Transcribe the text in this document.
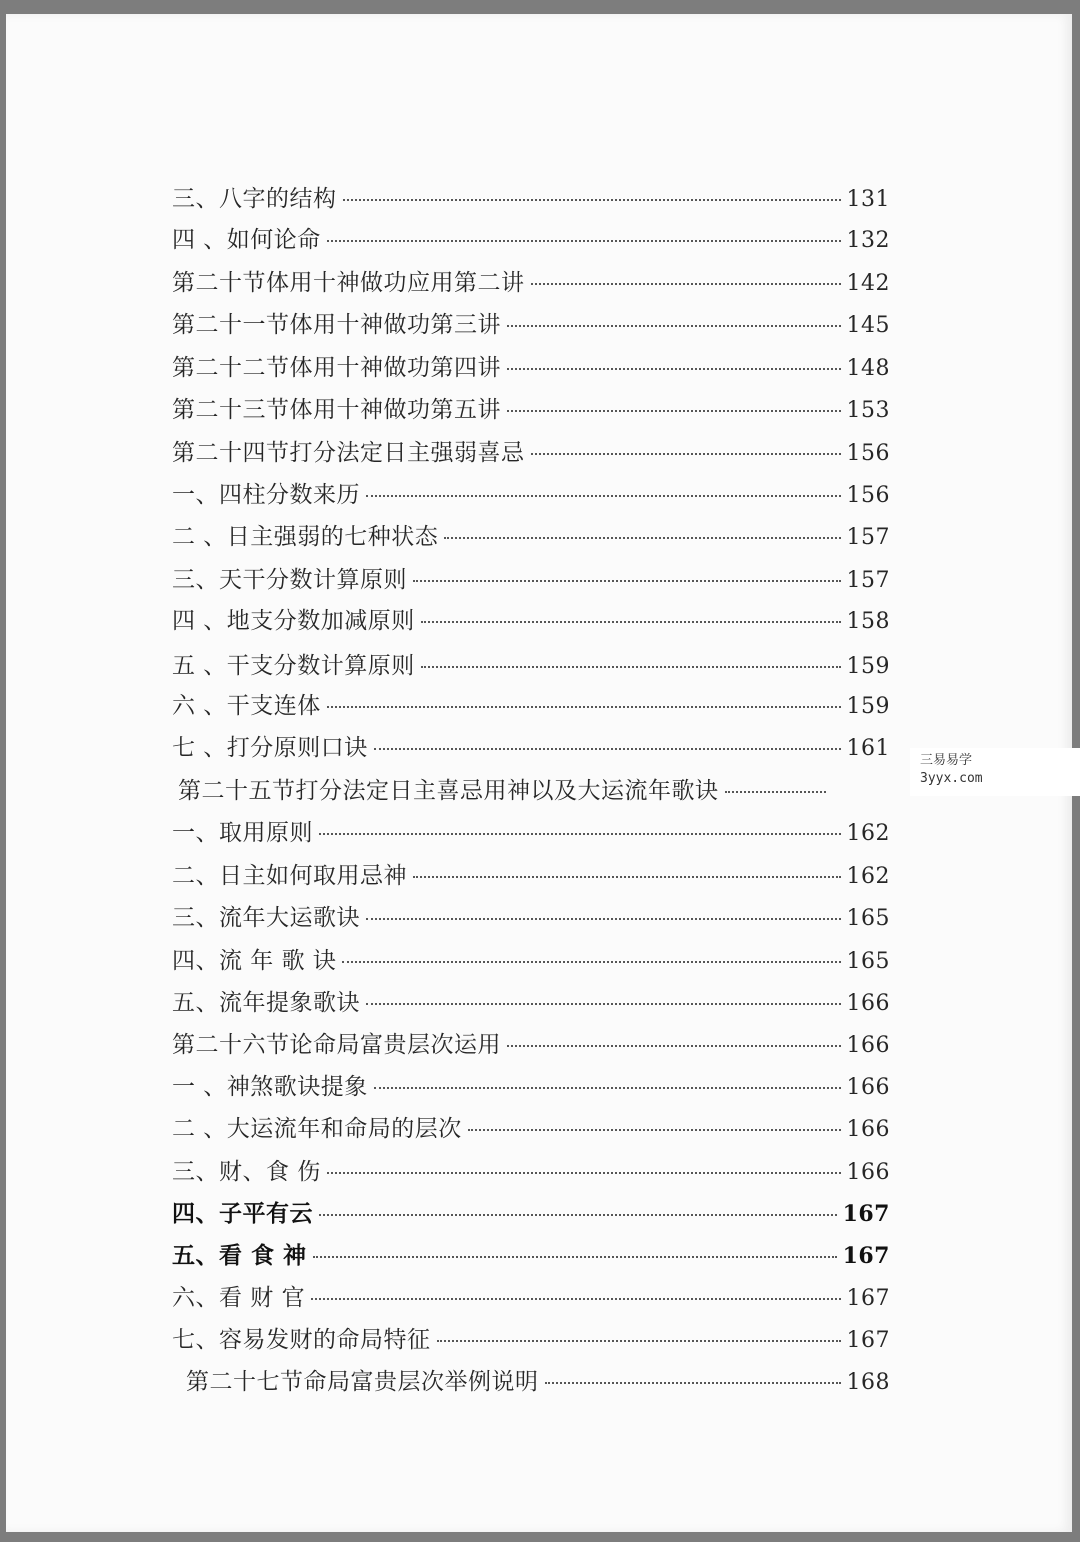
三、八字的结构	131
四 、如何论命	132
第二十节体用十神做功应用第二讲	142
第二十一节体用十神做功第三讲	145
第二十二节体用十神做功第四讲	148
第二十三节体用十神做功第五讲	153
第二十四节打分法定日主强弱喜忌	156
一、四柱分数来历	156
二 、日主强弱的七种状态	157
三、天干分数计算原则	157
四 、地支分数加减原则	158
五 、干支分数计算原则	159
六 、干支连体	159
七 、打分原则口诀	161
第二十五节打分法定日主喜忌用神以及大运流年歌诀
一、取用原则	162
二、日主如何取用忌神	162
三、流年大运歌诀	165
四、流 年 歌 诀	165
五、流年提象歌诀	166
第二十六节论命局富贵层次运用	166
一 、神煞歌诀提象	166
二 、大运流年和命局的层次	166
三、财、食 伤	166
四、子平有云	167
五、看 食 神	167
六、看 财 官	167
七、容易发财的命局特征	167
第二十七节命局富贵层次举例说明	168
三易易学
3yyx.com
